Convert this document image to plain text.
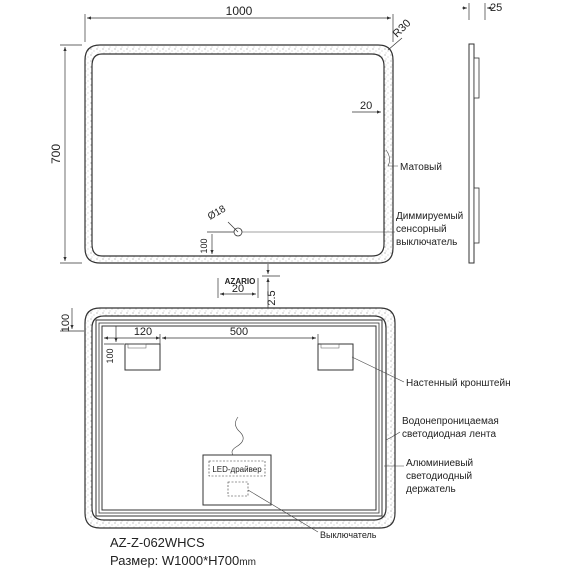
1000
700
R30
20
Матовый
Ø18
100
Диммируемый
сенсорный
выключатель
AZARIO
20
2.5
25
100	120	500
100
Настенный кронштейн
Водонепроницаемая
светодиодная лента
Алюминиевый
светодиодный
держатель
LED-драйвер
Выключатель
AZ-Z-062WHCS
Размер: W1000*H700mm
